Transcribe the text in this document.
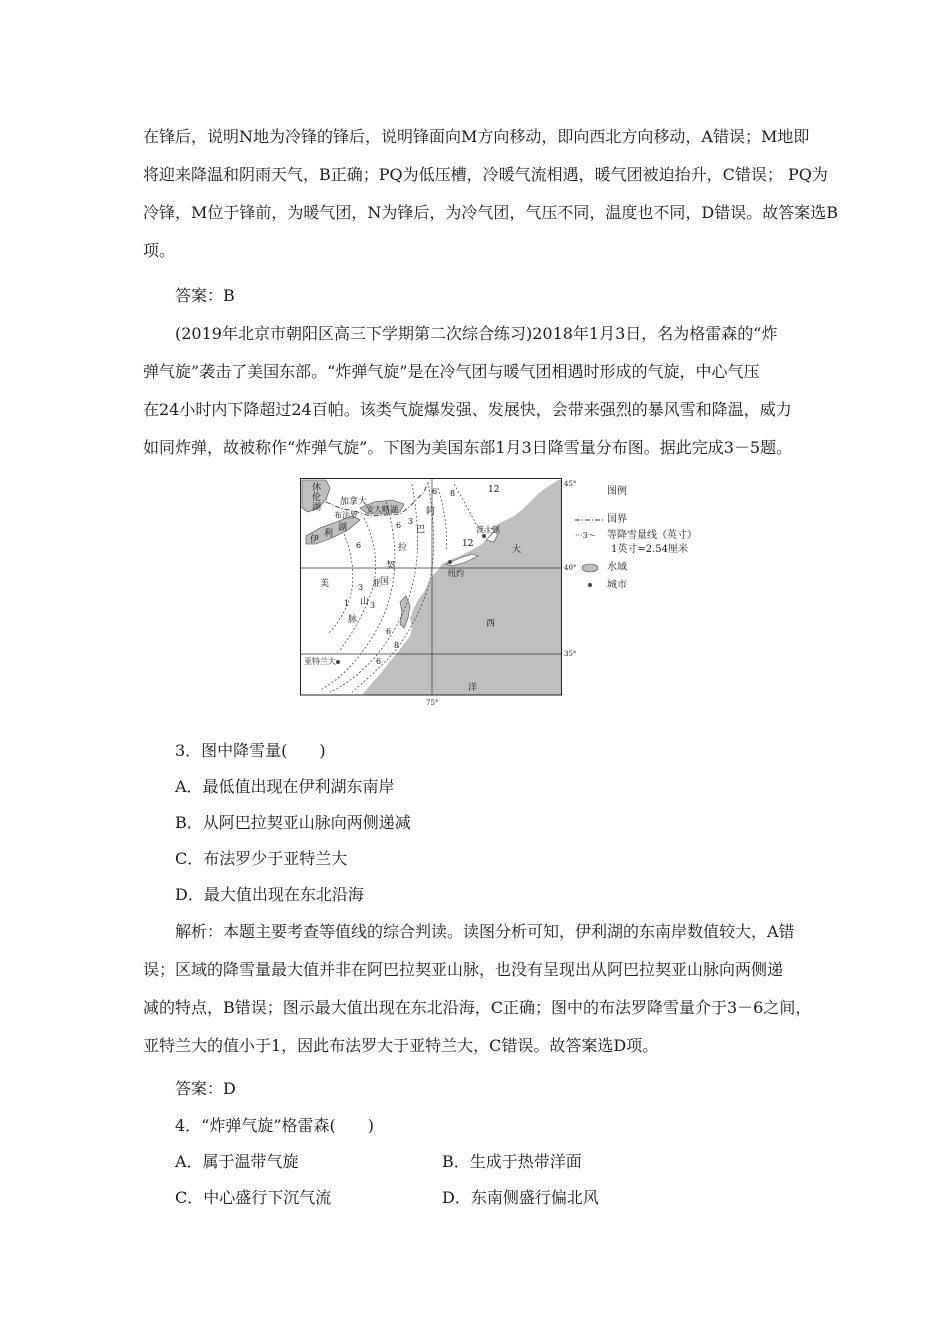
在锋后，说明N地为冷锋的锋后，说明锋面向M方向移动，即向西北方向移动，A错误；M地即
将迎来降温和阴雨天气，B正确；PQ为低压槽，冷暖气流相遇，暖气团被迫抬升，C错误； PQ为
冷锋，M位于锋前，为暖气团，N为锋后，为冷气团，气压不同，温度也不同，D错误。故答案选B
项。
答案：B
(2019年北京市朝阳区高三下学期第二次综合练习)2018年1月3日，名为格雷森的“炸
弹气旋”袭击了美国东部。“炸弹气旋”是在冷气团与暖气团相遇时形成的气旋，中心气压
在24小时内下降超过24百帕。该类气旋爆发强、发展快，会带来强烈的暴风雪和降温，威力
如同炸弹，故被称作“炸弹气旋”。下图为美国东部1月3日降雪量分布图。据此完成3－5题。
45°
40°
35°
75°
休
伦
湖
加拿大
布法罗
安大略湖
伊
利
湖
阿
巴
拉
契
亚
山
脉
波士顿
纽约
美	国
亚特兰大
大
西
洋
6 8	12
6 3
12
6
3
1	3
6
8
6
图例
国界
···3～ 等降雪量线（英寸）
1英寸=2.54厘米
水域
城市
3．图中降雪量(　　)
A．最低值出现在伊利湖东南岸
B．从阿巴拉契亚山脉向两侧递减
C．布法罗少于亚特兰大
D．最大值出现在东北沿海
解析：本题主要考查等值线的综合判读。读图分析可知，伊利湖的东南岸数值较大，A错
误；区域的降雪量最大值并非在阿巴拉契亚山脉，也没有呈现出从阿巴拉契亚山脉向两侧递
减的特点，B错误；图示最大值出现在东北沿海，C正确；图中的布法罗降雪量介于3－6之间，
亚特兰大的值小于1，因此布法罗大于亚特兰大，C错误。故答案选D项。
答案：D
4．“炸弹气旋”格雷森(　　)
A．属于温带气旋	B．生成于热带洋面
C．中心盛行下沉气流	D．东南侧盛行偏北风
